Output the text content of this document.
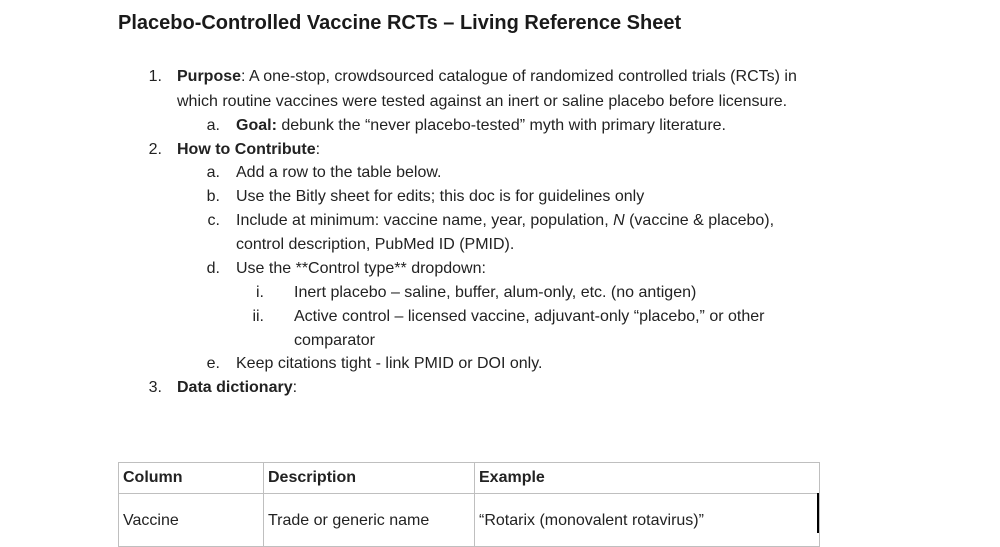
Placebo-Controlled Vaccine RCTs – Living Reference Sheet
1. Purpose: A one-stop, crowdsourced catalogue of randomized controlled trials (RCTs) in
which routine vaccines were tested against an inert or saline placebo before licensure.
a. Goal: debunk the “never placebo-tested” myth with primary literature.
2. How to Contribute:
a. Add a row to the table below.
b. Use the Bitly sheet for edits; this doc is for guidelines only
c. Include at minimum: vaccine name, year, population, N (vaccine & placebo),
control description, PubMed ID (PMID).
d. Use the **Control type** dropdown:
i. Inert placebo – saline, buffer, alum-only, etc. (no antigen)
ii. Active control – licensed vaccine, adjuvant-only “placebo,” or other
comparator
e. Keep citations tight - link PMID or DOI only.
3. Data dictionary:
Column	Description	Example
Vaccine	Trade or generic name	“Rotarix (monovalent rotavirus)”
